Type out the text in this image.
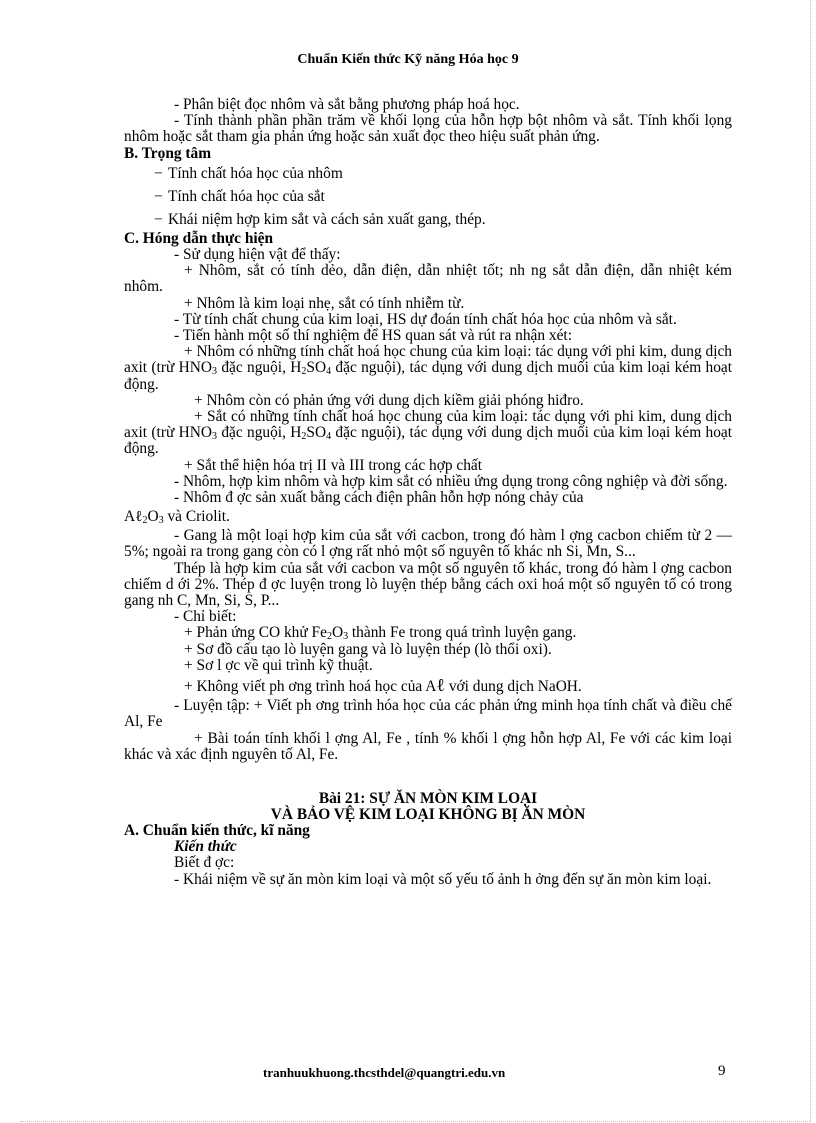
Chuẩn Kiến thức Kỹ năng Hóa học 9

- Phân biệt đọc nhôm và sắt bằng phương pháp hoá học.

- Tính thành phần phần trăm về khối lọng của hỗn hợp bột nhôm và sắt. Tính khối lọng nhôm hoặc sắt tham gia phản ứng hoặc sản xuất đọc theo hiệu suất phản ứng.

B. Trọng tâm

− Tính chất hóa học của nhôm

− Tính chất hóa học của sắt

− Khái niệm hợp kim sắt và cách sản xuất gang, thép.

C. Hóng dẫn thực hiện

- Sử dụng hiện vật để thấy:

+ Nhôm, sắt có tính dẻo, dẫn điện, dẫn nhiệt tốt; nh ng sắt dẫn điện, dẫn nhiệt kém nhôm.

+ Nhôm là kim loại nhẹ, sắt có tính nhiễm từ.

- Từ tính chất chung của kim loại, HS dự đoán tính chất hóa học của nhôm và sắt.

- Tiến hành một số thí nghiệm để HS quan sát và rút ra nhận xét:

+ Nhôm có những tính chất hoá học chung của kim loại: tác dụng với phi kim, dung dịch axit (trừ $HNO_3$ đặc nguội, $H_2SO_4$ đặc nguội), tác dụng với dung dịch muối của kim loại kém hoạt động.

+ Nhôm còn có phản ứng với dung dịch kiềm giải phóng hiđro.

+ Sắt có những tính chất hoá học chung của kim loại: tác dụng với phi kim, dung dịch axit (trừ $HNO_3$ đặc nguội, $H_2SO_4$ đặc nguội), tác dụng với dung dịch muối của kim loại kém hoạt động.

+ Sắt thể hiện hóa trị II và III trong các hợp chất

- Nhôm, hợp kim nhôm và hợp kim sắt có nhiều ứng dụng trong công nghiệp và đời sống.

- Nhôm đ ợc sản xuất bằng cách điện phân hỗn hợp nóng chảy của

$A\ell_2O_3$ và Criolit.

- Gang là một loại hợp kim của sắt với cacbon, trong đó hàm l ợng cacbon chiếm từ 2 — 5%; ngoài ra trong gang còn có l ợng rất nhỏ một số nguyên tố khác nh Si, Mn, S...

Thép là hợp kim của sắt với cacbon va một số nguyên tố khác, trong đó hàm l ợng cacbon chiếm d ới 2%. Thép đ ợc luyện trong lò luyện thép bằng cách oxi hoá một số nguyên tố có trong gang nh C, Mn, Si, S, P...

- Chỉ biết:

+ Phản ứng CO khử $Fe_2O_3$ thành Fe trong quá trình luyện gang.

+ Sơ đồ cấu tạo lò luyện gang và lò luyện thép (lò thổi oxi).

+ Sơ l ợc về qui trình kỹ thuật.

+ Không viết ph ơng trình hoá học của Aℓ với dung dịch NaOH.

- Luyện tập: + Viết ph ơng trình hóa học của các phản ứng minh họa tính chất và điều chế Al, Fe

+ Bài toán tính khối l ợng Al, Fe , tính % khối l ợng hỗn hợp Al, Fe với các kim loại khác và xác định nguyên tố Al, Fe.

Bài 21: SỰ ĂN MÒN KIM LOẠI

VÀ BẢO VỆ KIM LOẠI KHÔNG BỊ ĂN MÒN

A. Chuẩn kiến thức, kĩ năng

Kiến thức

Biết đ ợc:

- Khái niệm về sự ăn mòn kim loại và một số yếu tố ảnh h ởng đến sự ăn mòn kim loại.

tranhuukhuong.thcsthdel@quangtri.edu.vn	9
